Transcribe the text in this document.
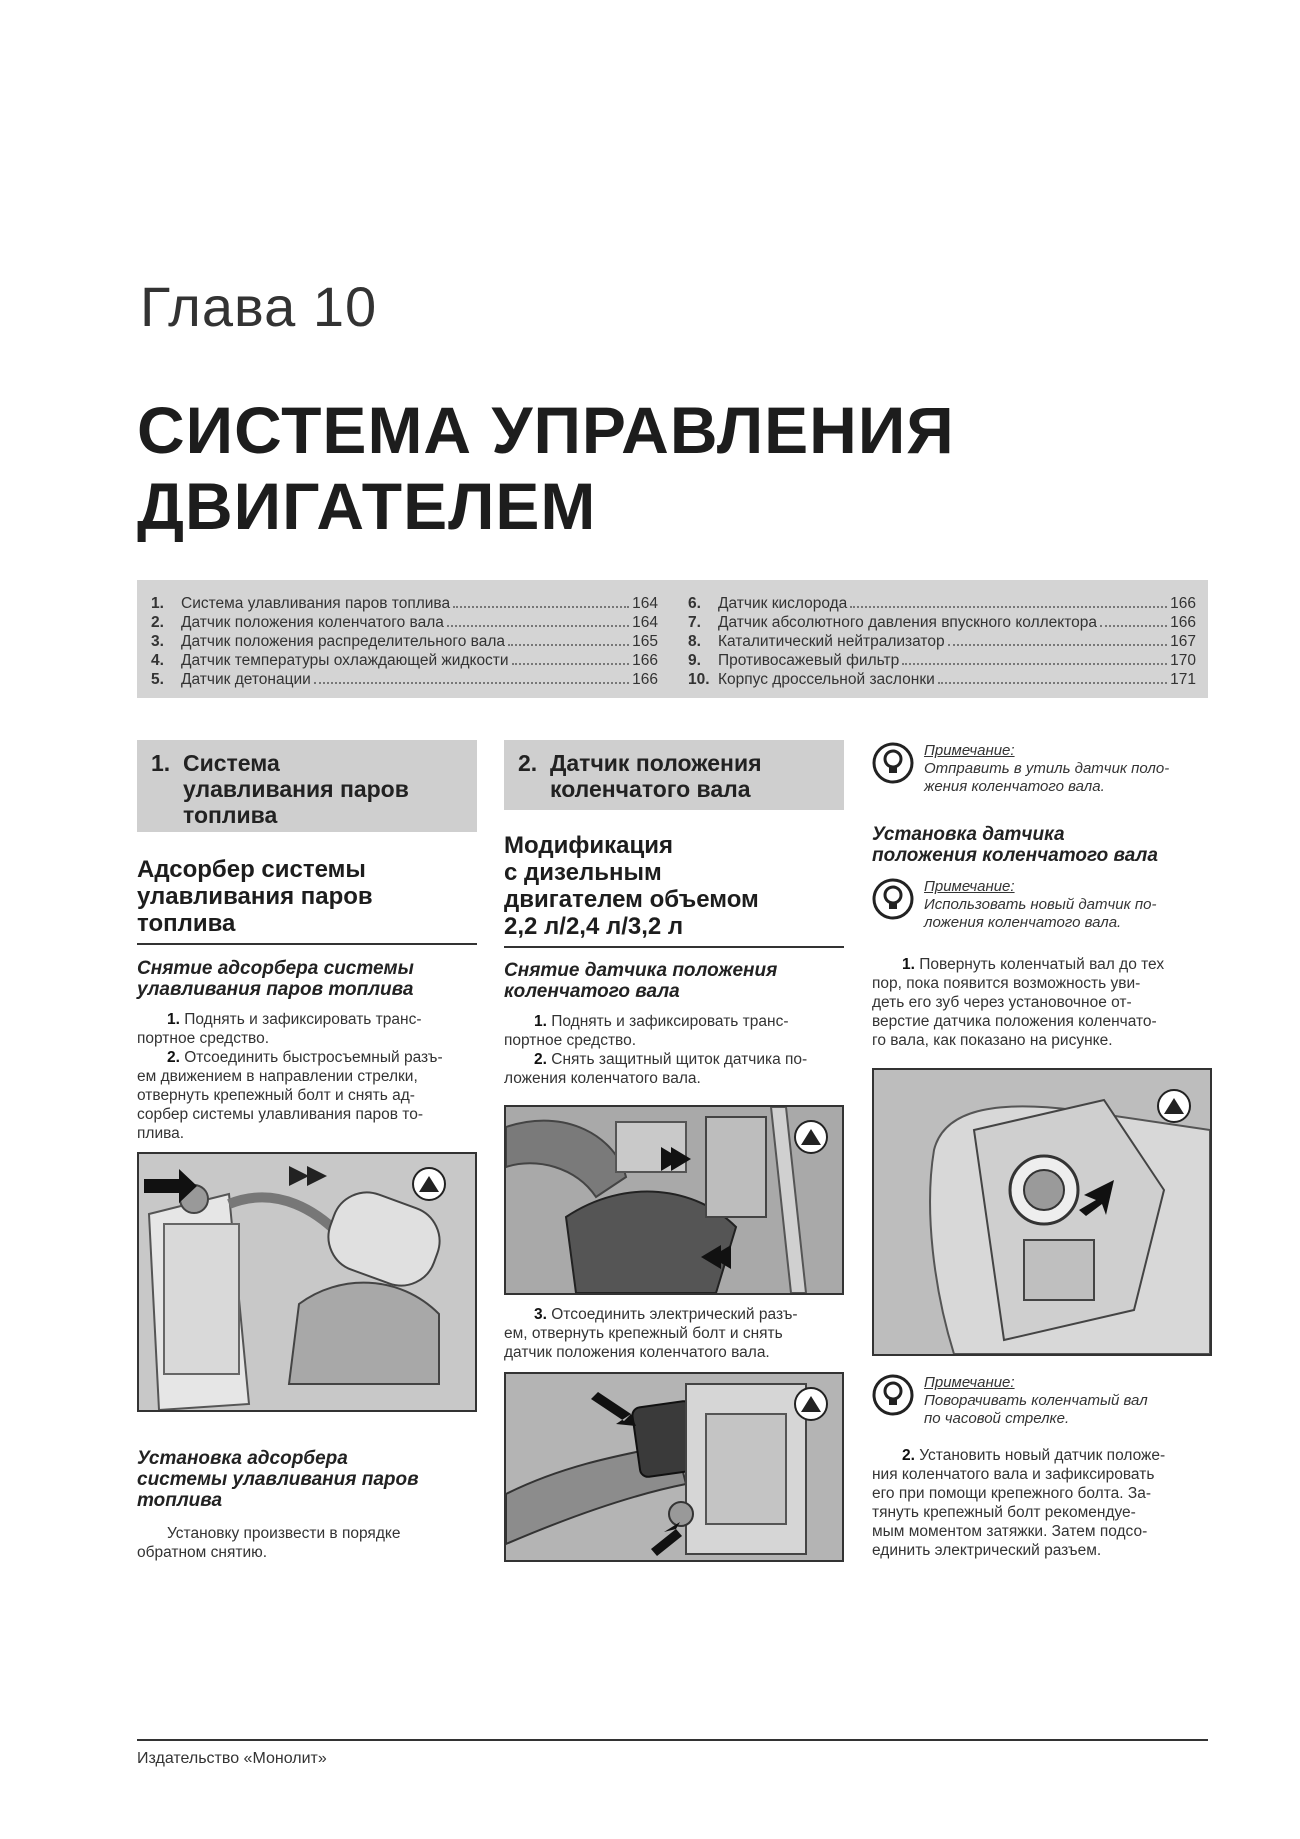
Глава 10
СИСТЕМА УПРАВЛЕНИЯ
ДВИГАТЕЛЕМ
1.	Система улавливания паров топлива	164
2.	Датчик положения коленчатого вала	164
3.	Датчик положения распределительного вала	165
4.	Датчик температуры охлаждающей жидкости	166
5.	Датчик детонации	166
6.	Датчик кислорода	166
7.	Датчик абсолютного давления впускного коллектора	166
8.	Каталитический нейтрализатор	167
9.	Противосажевый фильтр	170
10. Корпус дроссельной заслонки	171
1. Система
улавливания паров
топлива
Адсорбер системы
улавливания паров
топлива
Снятие адсорбера системы
улавливания паров топлива
1. Поднять и зафиксировать транс-
портное средство.
2. Отсоединить быстросъемный разъ-
ем движением в направлении стрелки,
отвернуть крепежный болт и снять ад-
сорбер системы улавливания паров то-
плива.
Установка адсорбера
системы улавливания паров
топлива
Установку произвести в порядке
обратном снятию.
2. Датчик положения
коленчатого вала
Модификация
с дизельным
двигателем объемом
2,2 л/2,4 л/3,2 л
Снятие датчика положения
коленчатого вала
1. Поднять и зафиксировать транс-
портное средство.
2. Снять защитный щиток датчика по-
ложения коленчатого вала.
3. Отсоединить электрический разъ-
ем, отвернуть крепежный болт и снять
датчик положения коленчатого вала.
Примечание:
Отправить в утиль датчик поло-
жения коленчатого вала.
Установка датчика
положения коленчатого вала
Примечание:
Использовать новый датчик по-
ложения коленчатого вала.
1. Повернуть коленчатый вал до тех
пор, пока появится возможность уви-
деть его зуб через установочное от-
верстие датчика положения коленчато-
го вала, как показано на рисунке.
Примечание:
Поворачивать коленчатый вал
по часовой стрелке.
2. Установить новый датчик положе-
ния коленчатого вала и зафиксировать
его при помощи крепежного болта. За-
тянуть крепежный болт рекомендуе-
мым моментом затяжки. Затем подсо-
единить электрический разъем.
Издательство «Монолит»
